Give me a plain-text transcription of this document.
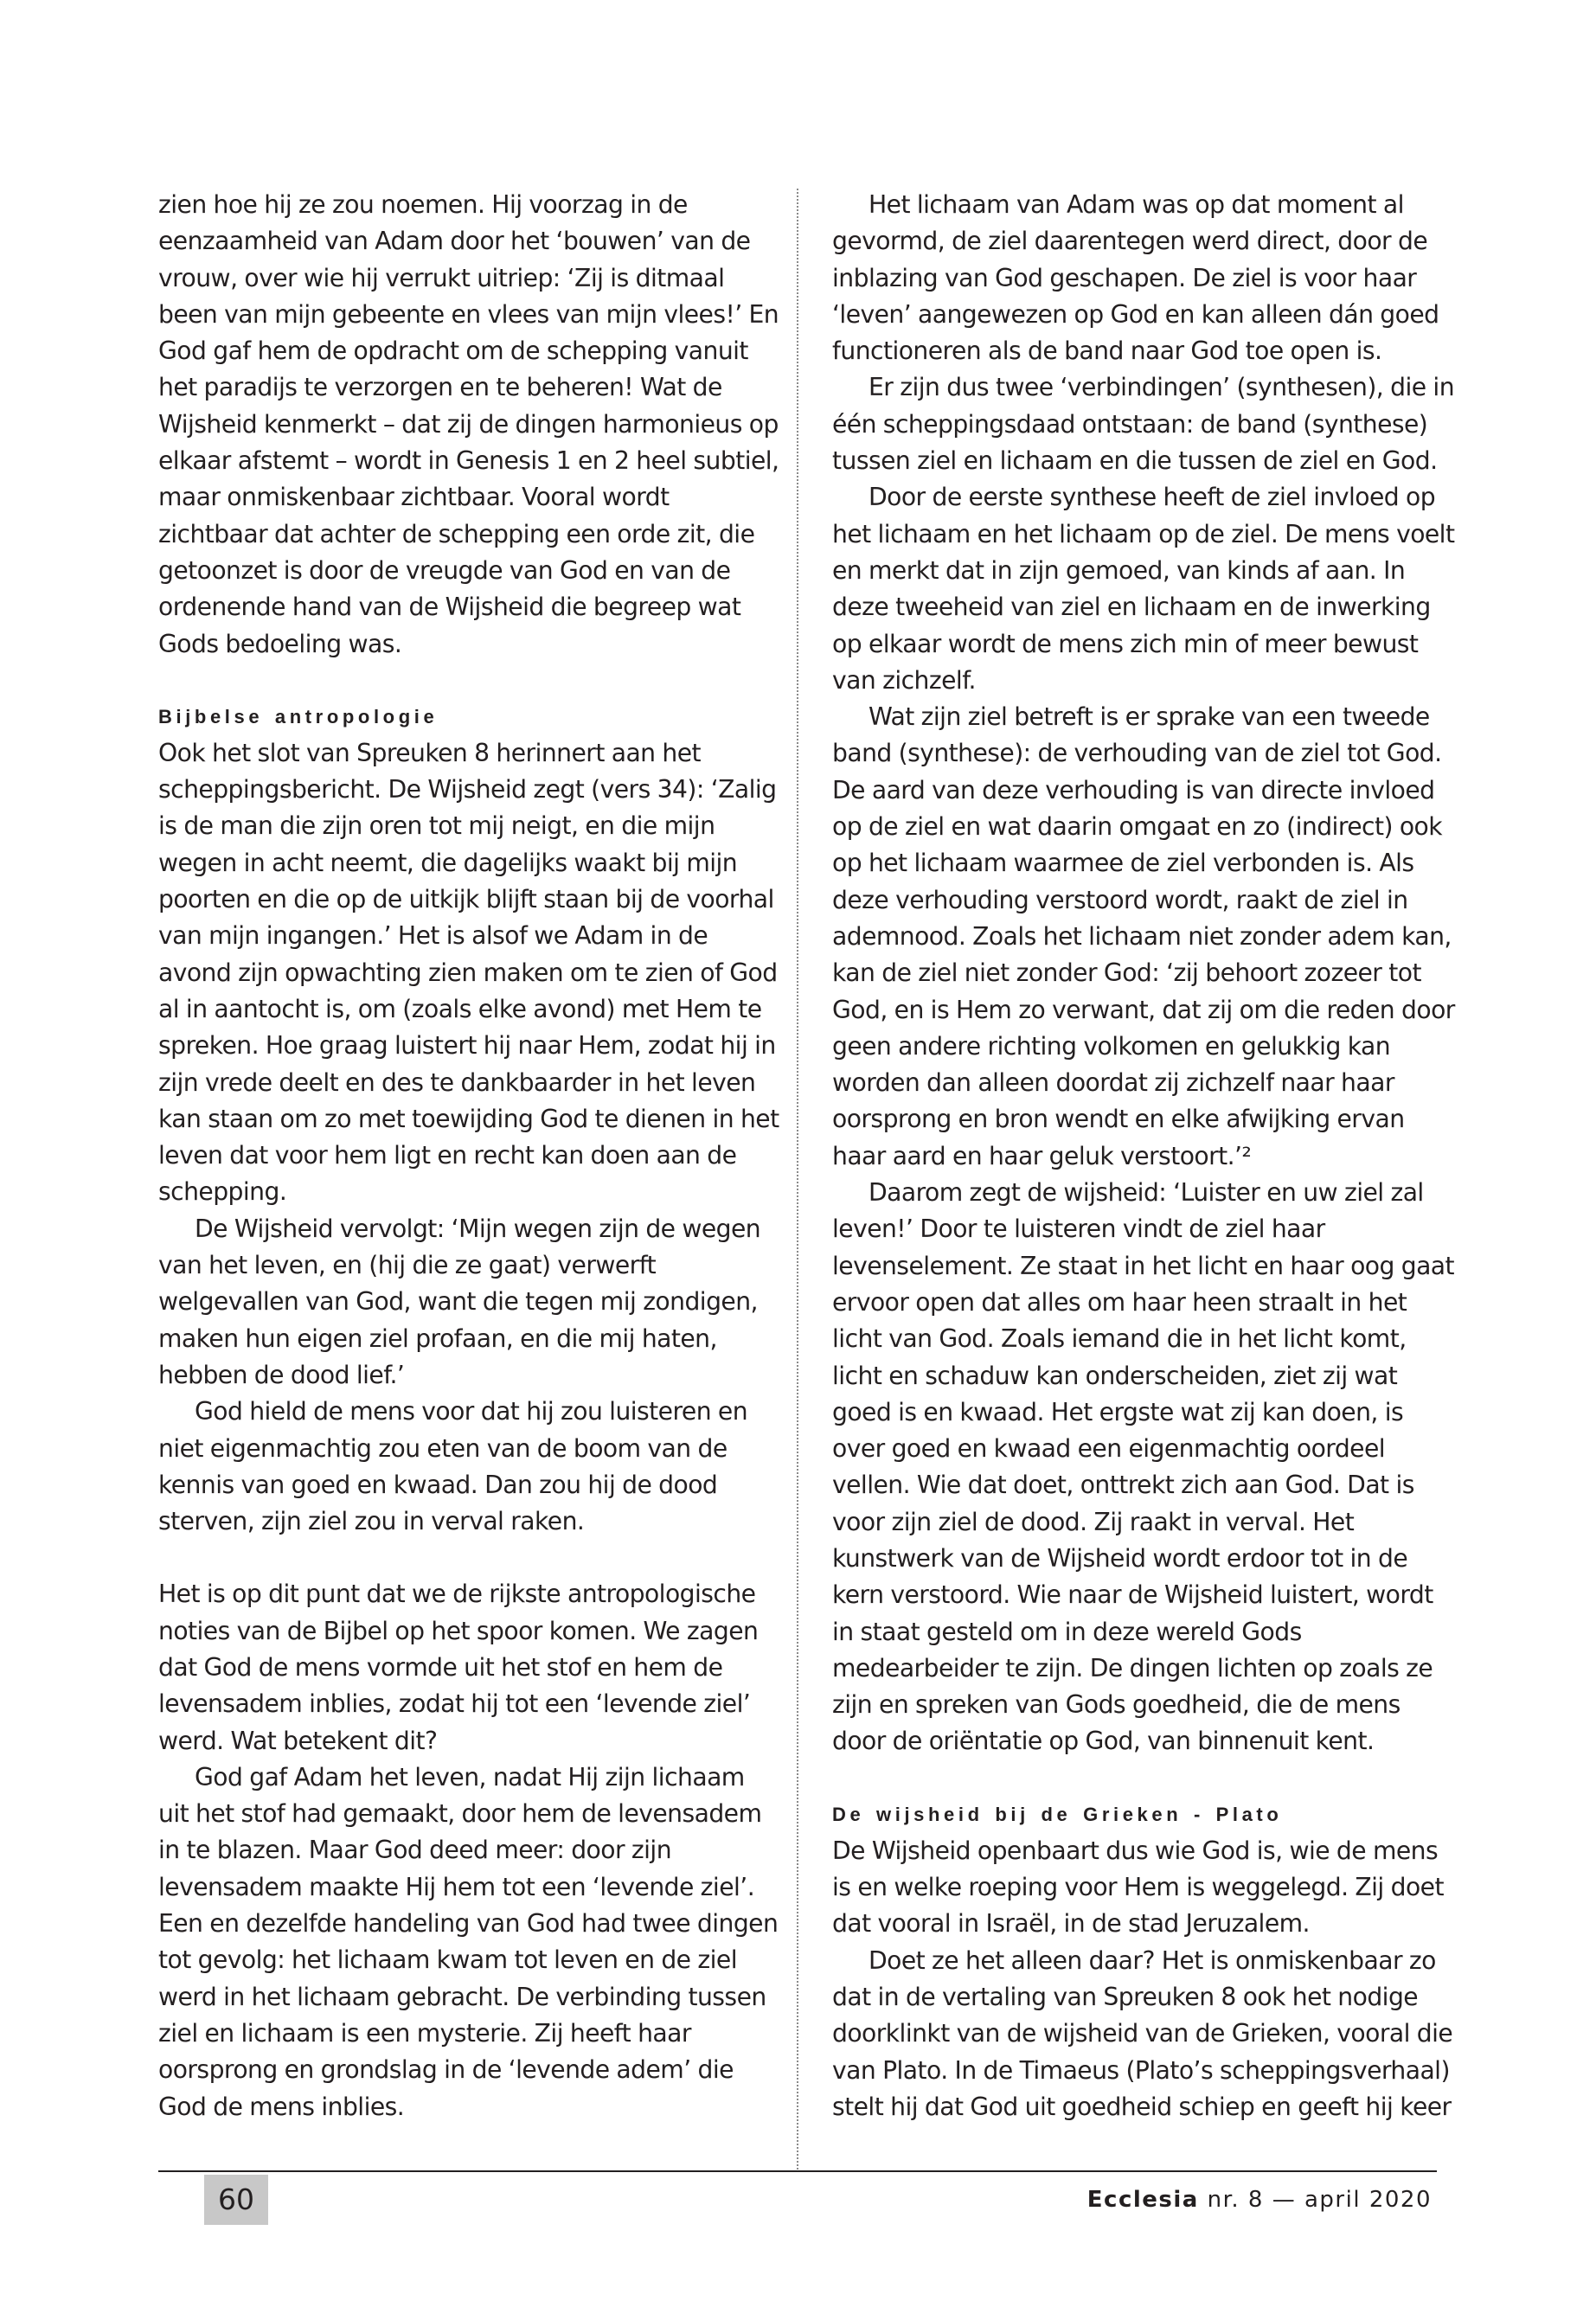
zien hoe hij ze zou noemen. Hij voorzag in de eenzaamheid van Adam door het ‘bouwen’ van de vrouw, over wie hij verrukt uitriep: ‘Zij is ditmaal been van mijn gebeente en vlees van mijn vlees!’ En God gaf hem de opdracht om de schepping vanuit het paradijs te verzorgen en te beheren! Wat de Wijsheid kenmerkt – dat zij de dingen harmonieus op elkaar afstemt – wordt in Genesis 1 en 2 heel subtiel, maar onmiskenbaar zichtbaar. Vooral wordt zichtbaar dat achter de schepping een orde zit, die getoonzet is door de vreugde van God en van de ordenende hand van de Wijsheid die begreep wat Gods bedoeling was.

Bijbelse antropologie

Ook het slot van Spreuken 8 herinnert aan het scheppingsbericht. De Wijsheid zegt (vers 34): ‘Zalig is de man die zijn oren tot mij neigt, en die mijn wegen in acht neemt, die dagelijks waakt bij mijn poorten en die op de uitkijk blijft staan bij de voorhal van mijn ingangen.’ Het is alsof we Adam in de avond zijn opwachting zien maken om te zien of God al in aantocht is, om (zoals elke avond) met Hem te spreken. Hoe graag luistert hij naar Hem, zodat hij in zijn vrede deelt en des te dankbaarder in het leven kan staan om zo met toewijding God te dienen in het leven dat voor hem ligt en recht kan doen aan de schepping.

De Wijsheid vervolgt: ‘Mijn wegen zijn de wegen van het leven, en (hij die ze gaat) verwerft welgevallen van God, want die tegen mij zondigen, maken hun eigen ziel profaan, en die mij haten, hebben de dood lief.’

God hield de mens voor dat hij zou luisteren en niet eigenmachtig zou eten van de boom van de kennis van goed en kwaad. Dan zou hij de dood sterven, zijn ziel zou in verval raken.

Het is op dit punt dat we de rijkste antropologische noties van de Bijbel op het spoor komen. We zagen dat God de mens vormde uit het stof en hem de levensadem inblies, zodat hij tot een ‘levende ziel’ werd. Wat betekent dit?

God gaf Adam het leven, nadat Hij zijn lichaam uit het stof had gemaakt, door hem de levensadem in te blazen. Maar God deed meer: door zijn levensadem maakte Hij hem tot een ‘levende ziel’. Een en dezelfde handeling van God had twee dingen tot gevolg: het lichaam kwam tot leven en de ziel werd in het lichaam gebracht. De verbinding tussen ziel en lichaam is een mysterie. Zij heeft haar oorsprong en grondslag in de ‘levende adem’ die God de mens inblies.

Het lichaam van Adam was op dat moment al gevormd, de ziel daarentegen werd direct, door de inblazing van God geschapen. De ziel is voor haar ‘leven’ aangewezen op God en kan alleen dán goed functioneren als de band naar God toe open is.

Er zijn dus twee ‘verbindingen’ (synthesen), die in één scheppingsdaad ontstaan: de band (synthese) tussen ziel en lichaam en die tussen de ziel en God.

Door de eerste synthese heeft de ziel invloed op het lichaam en het lichaam op de ziel. De mens voelt en merkt dat in zijn gemoed, van kinds af aan. In deze tweeheid van ziel en lichaam en de inwerking op elkaar wordt de mens zich min of meer bewust van zichzelf.

Wat zijn ziel betreft is er sprake van een tweede band (synthese): de verhouding van de ziel tot God. De aard van deze verhouding is van directe invloed op de ziel en wat daarin omgaat en zo (indirect) ook op het lichaam waarmee de ziel verbonden is. Als deze verhouding verstoord wordt, raakt de ziel in ademnood. Zoals het lichaam niet zonder adem kan, kan de ziel niet zonder God: ‘zij behoort zozeer tot God, en is Hem zo verwant, dat zij om die reden door geen andere richting volkomen en gelukkig kan worden dan alleen doordat zij zichzelf naar haar oorsprong en bron wendt en elke afwijking ervan haar aard en haar geluk verstoort.’²

Daarom zegt de wijsheid: ‘Luister en uw ziel zal leven!’ Door te luisteren vindt de ziel haar levenselement. Ze staat in het licht en haar oog gaat ervoor open dat alles om haar heen straalt in het licht van God. Zoals iemand die in het licht komt, licht en schaduw kan onderscheiden, ziet zij wat goed is en kwaad. Het ergste wat zij kan doen, is over goed en kwaad een eigenmachtig oordeel vellen. Wie dat doet, onttrekt zich aan God. Dat is voor zijn ziel de dood. Zij raakt in verval. Het kunstwerk van de Wijsheid wordt erdoor tot in de kern verstoord. Wie naar de Wijsheid luistert, wordt in staat gesteld om in deze wereld Gods medearbeider te zijn. De dingen lichten op zoals ze zijn en spreken van Gods goedheid, die de mens door de oriëntatie op God, van binnenuit kent.

De wijsheid bij de Grieken - Plato

De Wijsheid openbaart dus wie God is, wie de mens is en welke roeping voor Hem is weggelegd. Zij doet dat vooral in Israël, in de stad Jeruzalem.

Doet ze het alleen daar? Het is onmiskenbaar zo dat in de vertaling van Spreuken 8 ook het nodige doorklinkt van de wijsheid van de Grieken, vooral die van Plato. In de Timaeus (Plato’s scheppingsverhaal) stelt hij dat God uit goedheid schiep en geeft hij keer

60	Ecclesia nr. 8 — april 2020
